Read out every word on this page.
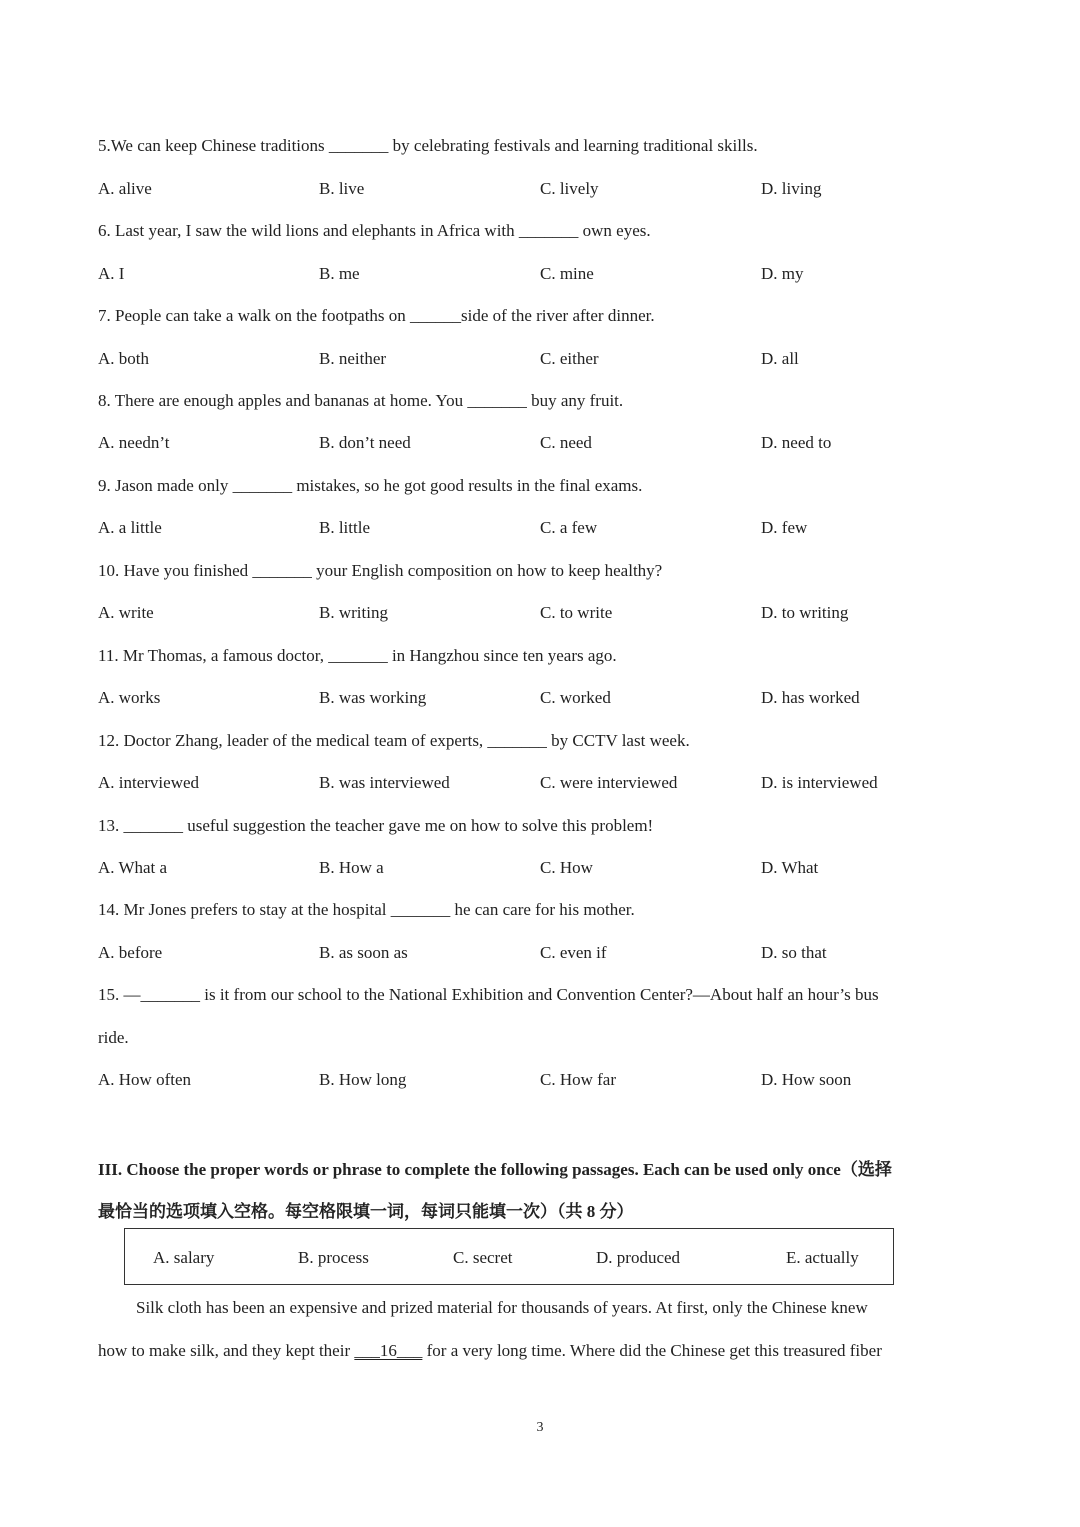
5.We can keep Chinese traditions _______ by celebrating festivals and learning traditional skills.
A. alive	B. live	C. lively	D. living
6. Last year, I saw the wild lions and elephants in Africa with _______ own eyes.
A. I	B. me	C. mine	D. my
7. People can take a walk on the footpaths on ______side of the river after dinner.
A. both	B. neither	C. either	D. all
8. There are enough apples and bananas at home. You _______ buy any fruit.
A. needn’t	B. don’t need	C. need	D. need to
9. Jason made only _______ mistakes, so he got good results in the final exams.
A. a little	B. little	C. a few	D. few
10. Have you finished _______ your English composition on how to keep healthy?
A. write	B. writing	C. to write	D. to writing
11. Mr Thomas, a famous doctor, _______ in Hangzhou since ten years ago.
A. works	B. was working	C. worked	D. has worked
12. Doctor Zhang, leader of the medical team of experts, _______ by CCTV last week.
A. interviewed	B. was interviewed	C. were interviewed	D. is interviewed
13. _______ useful suggestion the teacher gave me on how to solve this problem!
A. What a	B. How a	C. How	D. What
14. Mr Jones prefers to stay at the hospital _______ he can care for his mother.
A. before	B. as soon as	C. even if	D. so that
15. —_______ is it from our school to the National Exhibition and Convention Center?—About half an hour’s bus
ride.
A. How often	B. How long	C. How far	D. How soon
III. Choose the proper words or phrase to complete the following passages. Each can be used only once（选择
最恰当的选项填入空格。每空格限填一词，每词只能填一次）（共 8 分）
A. salary	B. process	C. secret	D. produced	E. actually
Silk cloth has been an expensive and prized material for thousands of years. At first, only the Chinese knew
how to make silk, and they kept their ___16___ for a very long time. Where did the Chinese get this treasured fiber
3
